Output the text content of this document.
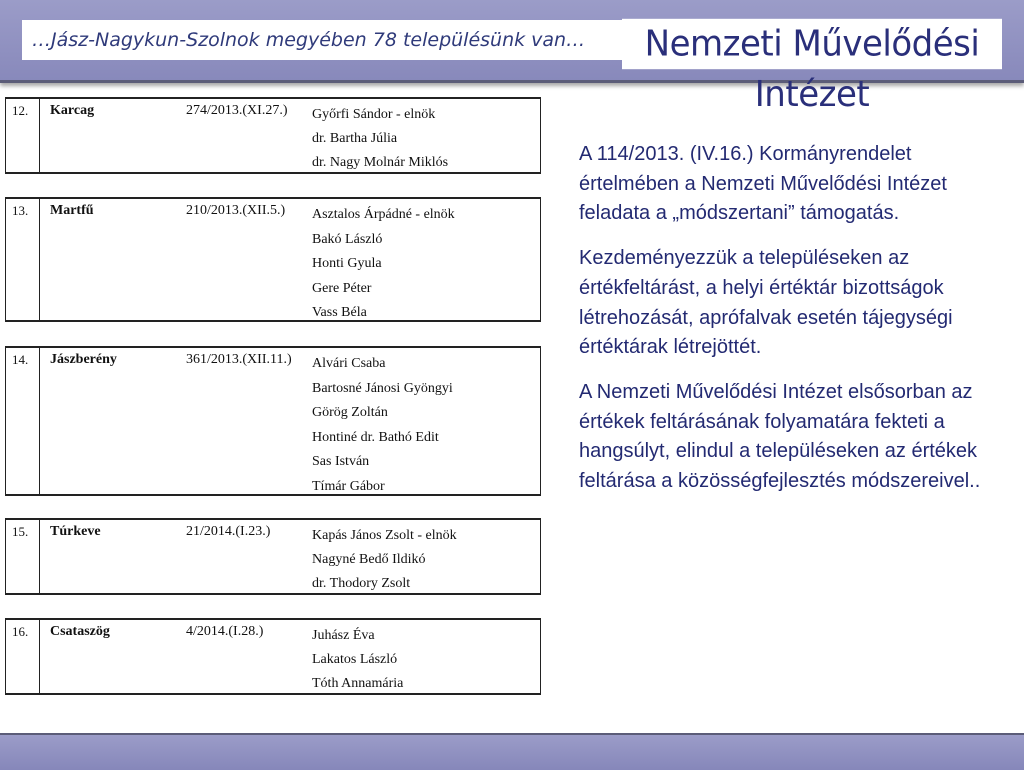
…Jász-Nagykun-Szolnok megyében 78 településünk van…	Nemzeti Művelődési Intézet
12.	Karcag	274/2013.(XI.27.) Győrfi Sándor - elnök
dr. Bartha Júlia
dr. Nagy Molnár Miklós
13.	Martfű	210/2013.(XII.5.) Asztalos Árpádné - elnök
Bakó László
Honti Gyula
Gere Péter
Vass Béla
14.	Jászberény	361/2013.(XII.11.) Alvári Csaba
Bartosné Jánosi Gyöngyi
Görög Zoltán
Hontiné dr. Bathó Edit
Sas István
Tímár Gábor
15.	Túrkeve	21/2014.(I.23.)	Kapás János Zsolt - elnök
Nagyné Bedő Ildikó
dr. Thodory Zsolt
16.	Csataszög	4/2014.(I.28.)	Juhász Éva
Lakatos László
Tóth Annamária

A 114/2013. (IV.16.) Kormányrendelet értelmében a Nemzeti Művelődési Intézet feladata a „módszertani” támogatás.

Kezdeményezzük a településeken az értékfeltárást, a helyi értéktár bizottságok létrehozását, aprófalvak esetén tájegységi értéktárak létrejöttét.

A Nemzeti Művelődési Intézet elsősorban az értékek feltárásának folyamatára fekteti a hangsúlyt, elindul a településeken az értékek feltárása a közösségfejlesztés módszereivel..
